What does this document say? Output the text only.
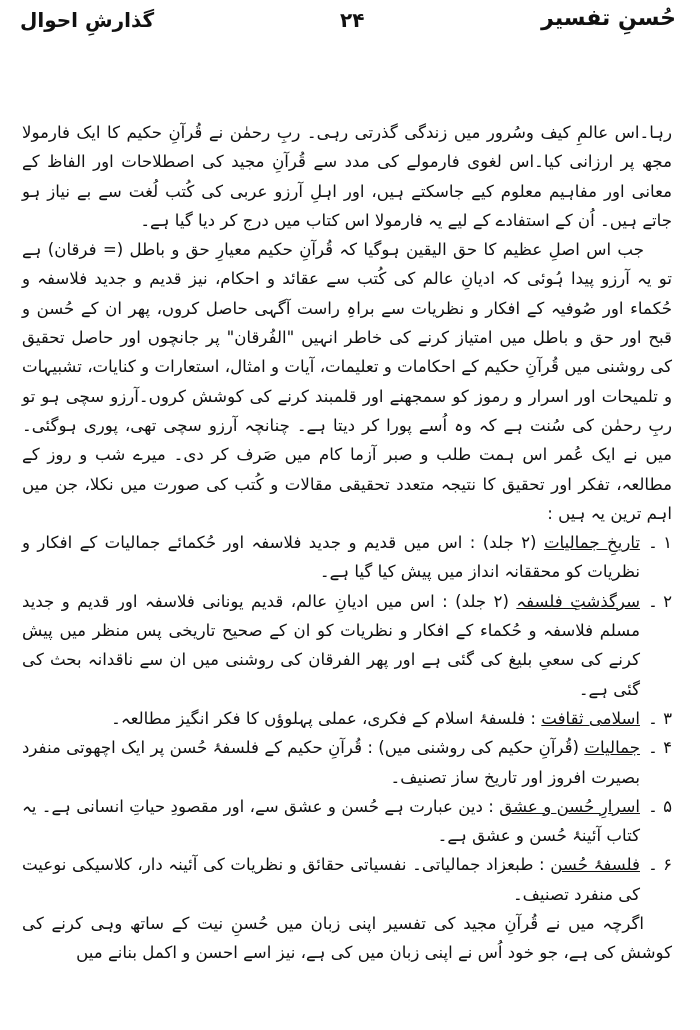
حُسنِ تفسیر
۲۴
گذارشِ احوال

رہا۔اس عالمِ کیف وسُرور میں زندگی گذرتی رہی۔ ربِ رحمٰن نے قُرآنِ حکیم کا ایک فارمولا مجھ پر ارزانی کیا۔اس لغوی فارمولے کی مدد سے قُرآنِ مجید کی اصطلاحات اور الفاظ کے معانی اور مفاہیم معلوم کیے جاسکتے ہیں، اور اہلِ آرزو عربی کی کُتب لُغت سے بے نیاز ہو جاتے ہیں۔ اُن کے استفادے کے لیے یہ فارمولا اس کتاب میں درج کر دیا گیا ہے۔

جب اس اصلِ عظیم کا حق الیقین ہوگیا کہ قُرآنِ حکیم معیارِ حق و باطل (= فرقان) ہے تو یہ آرزو پیدا ہُوئی کہ ادیانِ عالم کی کُتب سے عقائد و احکام، نیز قدیم و جدید فلاسفہ و حُکماء اور صُوفیہ کے افکار و نظریات سے براہِ راست آگہی حاصل کروں، پھر ان کے حُسن و قبح اور حق و باطل میں امتیاز کرنے کی خاطر انہیں "الفُرقان" پر جانچوں اور حاصل تحقیق کی روشنی میں قُرآنِ حکیم کے احکامات و تعلیمات، آیات و امثال، استعارات و کنایات، تشبیہات و تلمیحات اور اسرار و رموز کو سمجھنے اور قلمبند کرنے کی کوشش کروں۔آرزو سچی ہو تو ربِ رحمٰن کی سُنت ہے کہ وہ اُسے پورا کر دیتا ہے۔ چنانچہ آرزو سچی تھی، پوری ہوگئی۔ میں نے ایک عُمر اس ہمت طلب و صبر آزما کام میں صَرف کر دی۔ میرے شب و روز کے مطالعہ، تفکر اور تحقیق کا نتیجہ متعدد تحقیقی مقالات و کُتب کی صورت میں نکلا، جن میں اہم ترین یہ ہیں :

۱ ۔
تاریخِ جمالیات (۲ جلد) : اس میں قدیم و جدید فلاسفہ اور حُکمائے جمالیات کے افکار و نظریات کو محققانہ انداز میں پیش کیا گیا ہے۔
۲ ۔
سرگذشتِ فلسفہ (۲ جلد) : اس میں ادیانِ عالم، قدیم یونانی فلاسفہ اور قدیم و جدید مسلم فلاسفہ و حُکماء کے افکار و نظریات کو ان کے صحیح تاریخی پس منظر میں پیش کرنے کی سعیِ بلیغ کی گئی ہے اور پھر الفرقان کی روشنی میں ان سے ناقدانہ بحث کی گئی ہے۔
۳ ۔
اسلامی ثقافت : فلسفۂ اسلام کے فکری، عملی پہلوؤں کا فکر انگیز مطالعہ۔
۴ ۔
جمالیات (قُرآنِ حکیم کی روشنی میں) : قُرآنِ حکیم کے فلسفۂ حُسن پر ایک اچھوتی منفرد بصیرت افروز اور تاریخ ساز تصنیف۔
۵ ۔
اسرارِ حُسن و عشق : دین عبارت ہے حُسن و عشق سے، اور مقصودِ حیاتِ انسانی ہے۔ یہ کتاب آئینۂ حُسن و عشق ہے۔
۶ ۔
فلسفۂ حُسن : طبعزاد جمالیاتی۔ نفسیاتی حقائق و نظریات کی آئینہ دار، کلاسیکی نوعیت کی منفرد تصنیف۔

اگرچہ میں نے قُرآنِ مجید کی تفسیر اپنی زبان میں حُسنِ نیت کے ساتھ وہی کرنے کی کوشش کی ہے، جو خود اُس نے اپنی زبان میں کی ہے، نیز اسے احسن و اکمل بنانے میں
